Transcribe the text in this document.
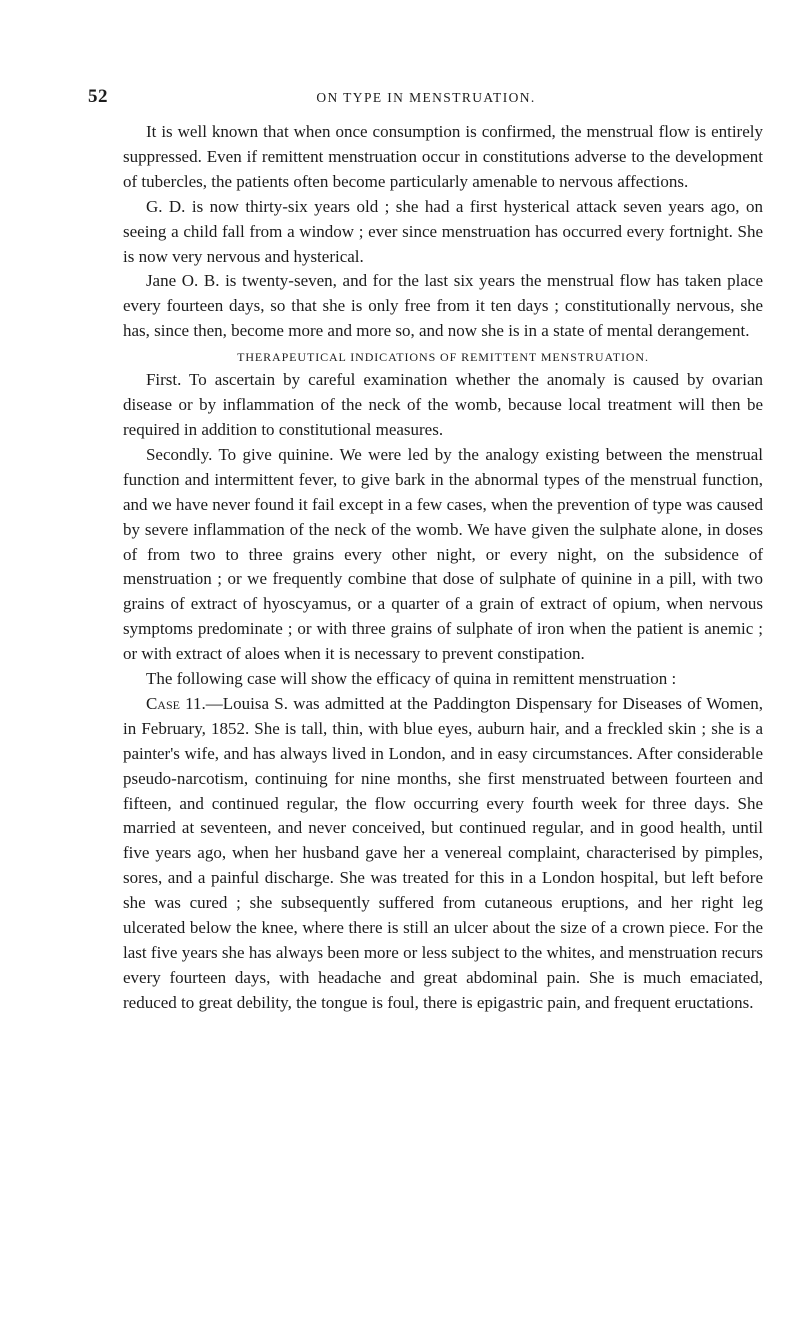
52	ON TYPE IN MENSTRUATION.

It is well known that when once consumption is confirmed, the menstrual flow is entirely suppressed. Even if remittent menstruation occur in constitutions adverse to the development of tubercles, the patients often become particularly amenable to nervous affections.

G. D. is now thirty-six years old ; she had a first hysterical attack seven years ago, on seeing a child fall from a window ; ever since menstruation has occurred every fortnight. She is now very nervous and hysterical.

Jane O. B. is twenty-seven, and for the last six years the menstrual flow has taken place every fourteen days, so that she is only free from it ten days ; constitutionally nervous, she has, since then, become more and more so, and now she is in a state of mental derangement.

THERAPEUTICAL INDICATIONS OF REMITTENT MENSTRUATION.

First. To ascertain by careful examination whether the anomaly is caused by ovarian disease or by inflammation of the neck of the womb, because local treatment will then be required in addition to constitutional measures.

Secondly. To give quinine. We were led by the analogy existing between the menstrual function and intermittent fever, to give bark in the abnormal types of the menstrual function, and we have never found it fail except in a few cases, when the prevention of type was caused by severe inflammation of the neck of the womb. We have given the sulphate alone, in doses of from two to three grains every other night, or every night, on the subsidence of menstruation ; or we frequently combine that dose of sulphate of quinine in a pill, with two grains of extract of hyoscyamus, or a quarter of a grain of extract of opium, when nervous symptoms predominate ; or with three grains of sulphate of iron when the patient is anemic ; or with extract of aloes when it is necessary to prevent constipation.

The following case will show the efficacy of quina in remittent menstruation :

Case 11.—Louisa S. was admitted at the Paddington Dispensary for Diseases of Women, in February, 1852. She is tall, thin, with blue eyes, auburn hair, and a freckled skin ; she is a painter's wife, and has always lived in London, and in easy circumstances. After considerable pseudo-narcotism, continuing for nine months, she first menstruated between fourteen and fifteen, and continued regular, the flow occurring every fourth week for three days. She married at seventeen, and never conceived, but continued regular, and in good health, until five years ago, when her husband gave her a venereal complaint, characterised by pimples, sores, and a painful discharge. She was treated for this in a London hospital, but left before she was cured ; she subsequently suffered from cutaneous eruptions, and her right leg ulcerated below the knee, where there is still an ulcer about the size of a crown piece. For the last five years she has always been more or less subject to the whites, and menstruation recurs every fourteen days, with headache and great abdominal pain. She is much emaciated, reduced to great debility, the tongue is foul, there is epigastric pain, and frequent eructations.
